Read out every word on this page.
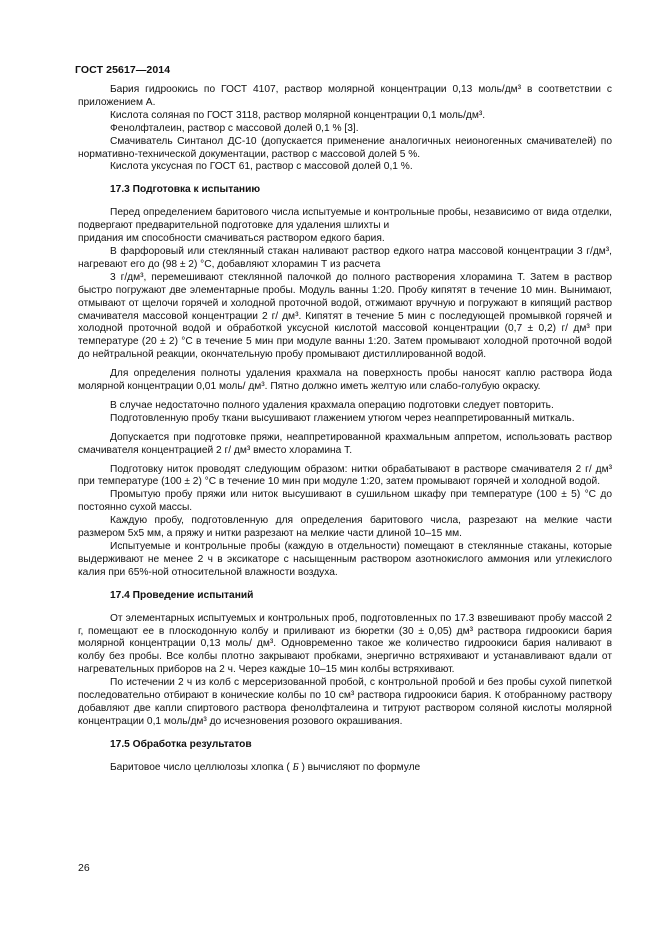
ГОСТ 25617—2014

Бария гидроокись по ГОСТ 4107, раствор молярной концентрации 0,13 моль/дм³ в соответствии с приложением А.

Кислота соляная по ГОСТ 3118, раствор молярной концентрации 0,1 моль/дм³.

Фенолфталеин, раствор с массовой долей 0,1 % [3].

Смачиватель Синтанол ДС-10 (допускается применение аналогичных неионогенных смачивателей) по нормативно-технической документации, раствор с массовой долей 5 %.

Кислота уксусная по ГОСТ 61, раствор с массовой долей 0,1 %.

17.3 Подготовка к испытанию

Перед определением баритового числа испытуемые и контрольные пробы, независимо от вида отделки, подвергают предварительной подготовке для удаления шлихты и

придания им способности смачиваться раствором едкого бария.

В фарфоровый или стеклянный стакан наливают раствор едкого натра массовой концентрации 3 г/дм³, нагревают его до (98 ± 2) °С, добавляют хлорамин Т из расчета

3 г/дм³, перемешивают стеклянной палочкой до полного растворения хлорамина Т. Затем в раствор быстро погружают две элементарные пробы. Модуль ванны 1:20. Пробу кипятят в течение 10 мин. Вынимают, отмывают от щелочи горячей и холодной проточной водой, отжимают вручную и погружают в кипящий раствор смачивателя массовой концентрации 2 г/ дм³. Кипятят в течение 5 мин с последующей промывкой горячей и холодной проточной водой и обработкой уксусной кислотой массовой концентрации (0,7 ± 0,2) г/ дм³ при температуре (20 ± 2) °С в течение 5 мин при модуле ванны 1:20. Затем промывают холодной проточной водой до нейтральной реакции, окончательную пробу промывают дистиллированной водой.

Для определения полноты удаления крахмала на поверхность пробы наносят каплю раствора йода молярной концентрации 0,01 моль/ дм³. Пятно должно иметь желтую или слабо-голубую окраску.

В случае недостаточно полного удаления крахмала операцию подготовки следует повторить.

Подготовленную пробу ткани высушивают глажением утюгом через неаппретированный миткаль.

Допускается при подготовке пряжи, неаппретированной крахмальным аппретом, использовать раствор смачивателя концентрацией 2 г/ дм³ вместо хлорамина Т.

Подготовку ниток проводят следующим образом: нитки обрабатывают в растворе смачивателя 2 г/ дм³ при температуре (100 ± 2) °С в течение 10 мин при модуле 1:20, затем промывают горячей и холодной водой.

Промытую пробу пряжи или ниток высушивают в сушильном шкафу при температуре (100 ± 5) °С до постоянно сухой массы.

Каждую пробу, подготовленную для определения баритового числа, разрезают на мелкие части размером 5х5 мм, а пряжу и нитки разрезают на мелкие части длиной 10–15 мм.

Испытуемые и контрольные пробы (каждую в отдельности) помещают в стеклянные стаканы, которые выдерживают не менее 2 ч в эксикаторе с насыщенным раствором азотнокислого аммония или углекислого калия при 65%-ной относительной влажности воздуха.

17.4 Проведение испытаний

От элементарных испытуемых и контрольных проб, подготовленных по 17.3 взвешивают пробу массой 2 г, помещают ее в плоскодонную колбу и приливают из бюретки (30 ± 0,05) дм³ раствора гидроокиси бария молярной концентрации 0,13 моль/ дм³. Одновременно такое же количество гидроокиси бария наливают в колбу без пробы. Все колбы плотно закрывают пробками, энергично встряхивают и устанавливают вдали от нагревательных приборов на 2 ч. Через каждые 10–15 мин колбы встряхивают.

По истечении 2 ч из колб с мерсеризованной пробой, с контрольной пробой и без пробы сухой пипеткой последовательно отбирают в конические колбы по 10 см³ раствора гидроокиси бария. К отобранному раствору добавляют две капли спиртового раствора фенолфталеина и титруют раствором соляной кислоты молярной концентрации 0,1 моль/дм³ до исчезновения розового окрашивания.

17.5 Обработка результатов

Баритовое число целлюлозы хлопка ( Б ) вычисляют по формуле

26
